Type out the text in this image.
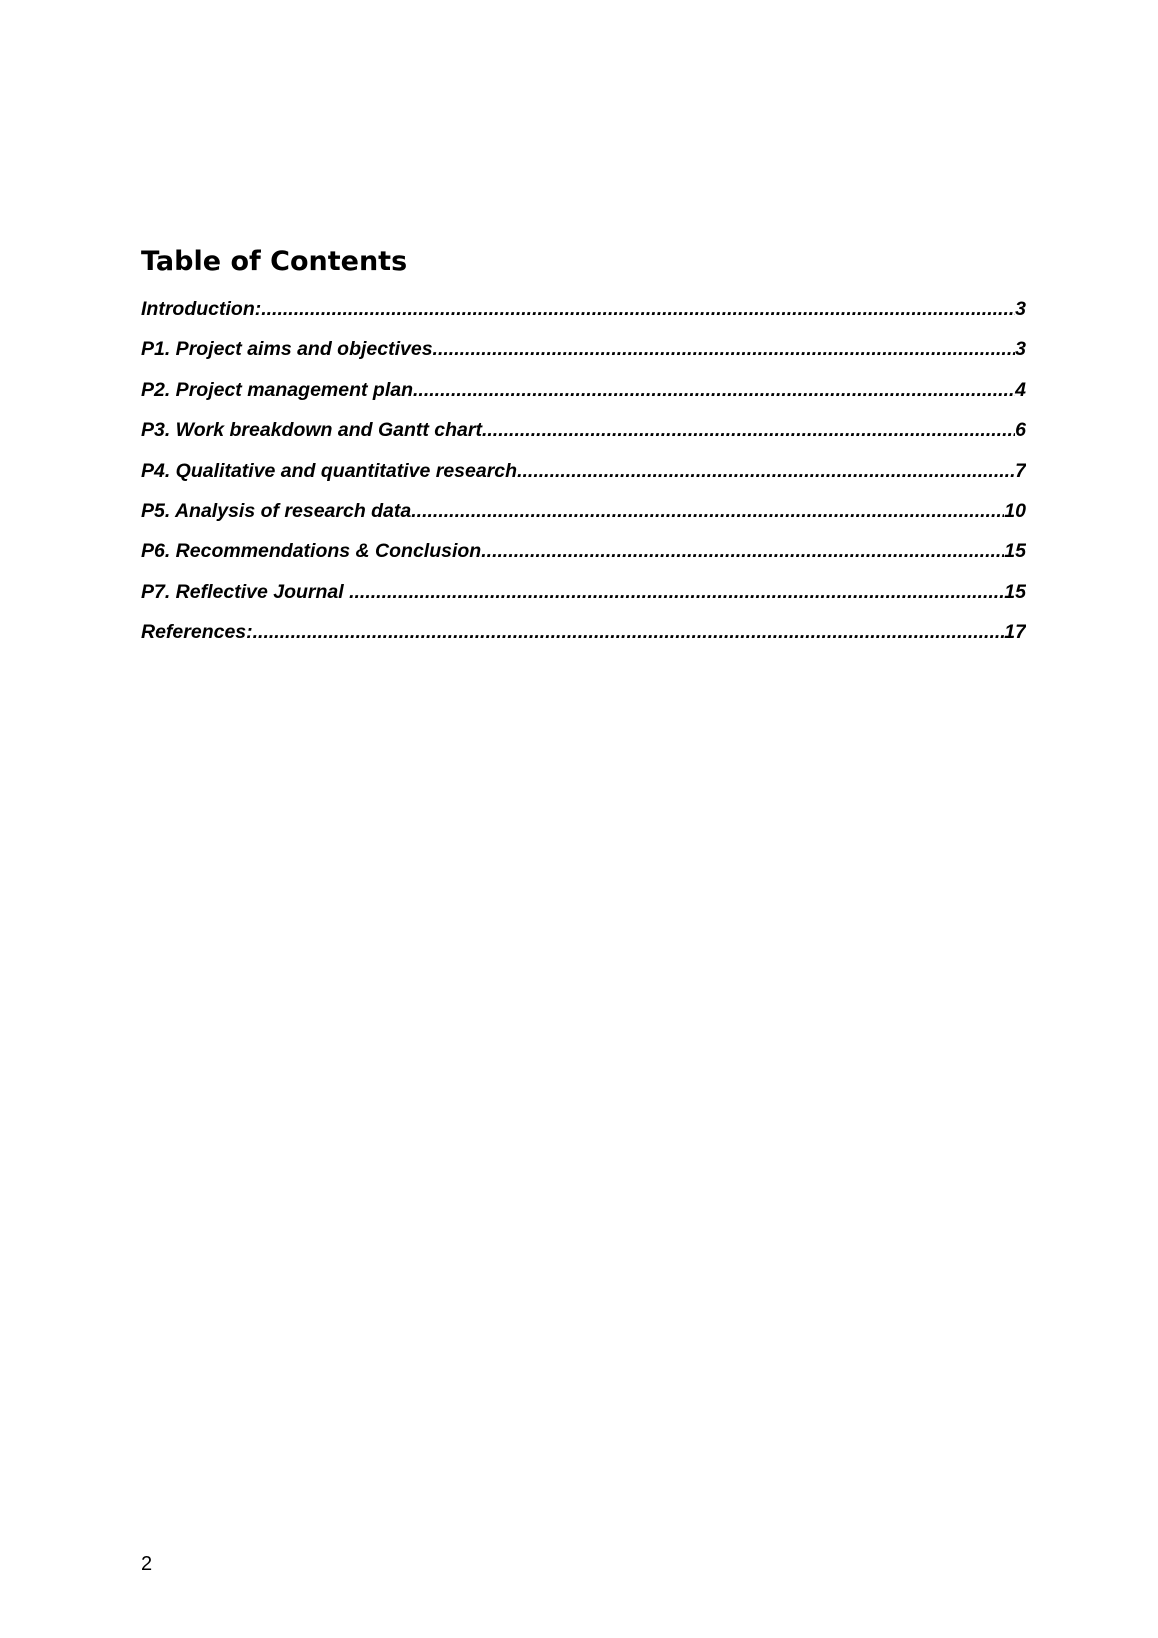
Table of Contents
Introduction: .....	3
P1. Project aims and objectives .....	3
P2. Project management plan .....	4
P3. Work breakdown and Gantt chart .....	6
P4. Qualitative and quantitative research .....	7
P5. Analysis of research data .....	10
P6. Recommendations & Conclusion .....	15
P7. Reflective Journal .....	15
References: .....	17
2
